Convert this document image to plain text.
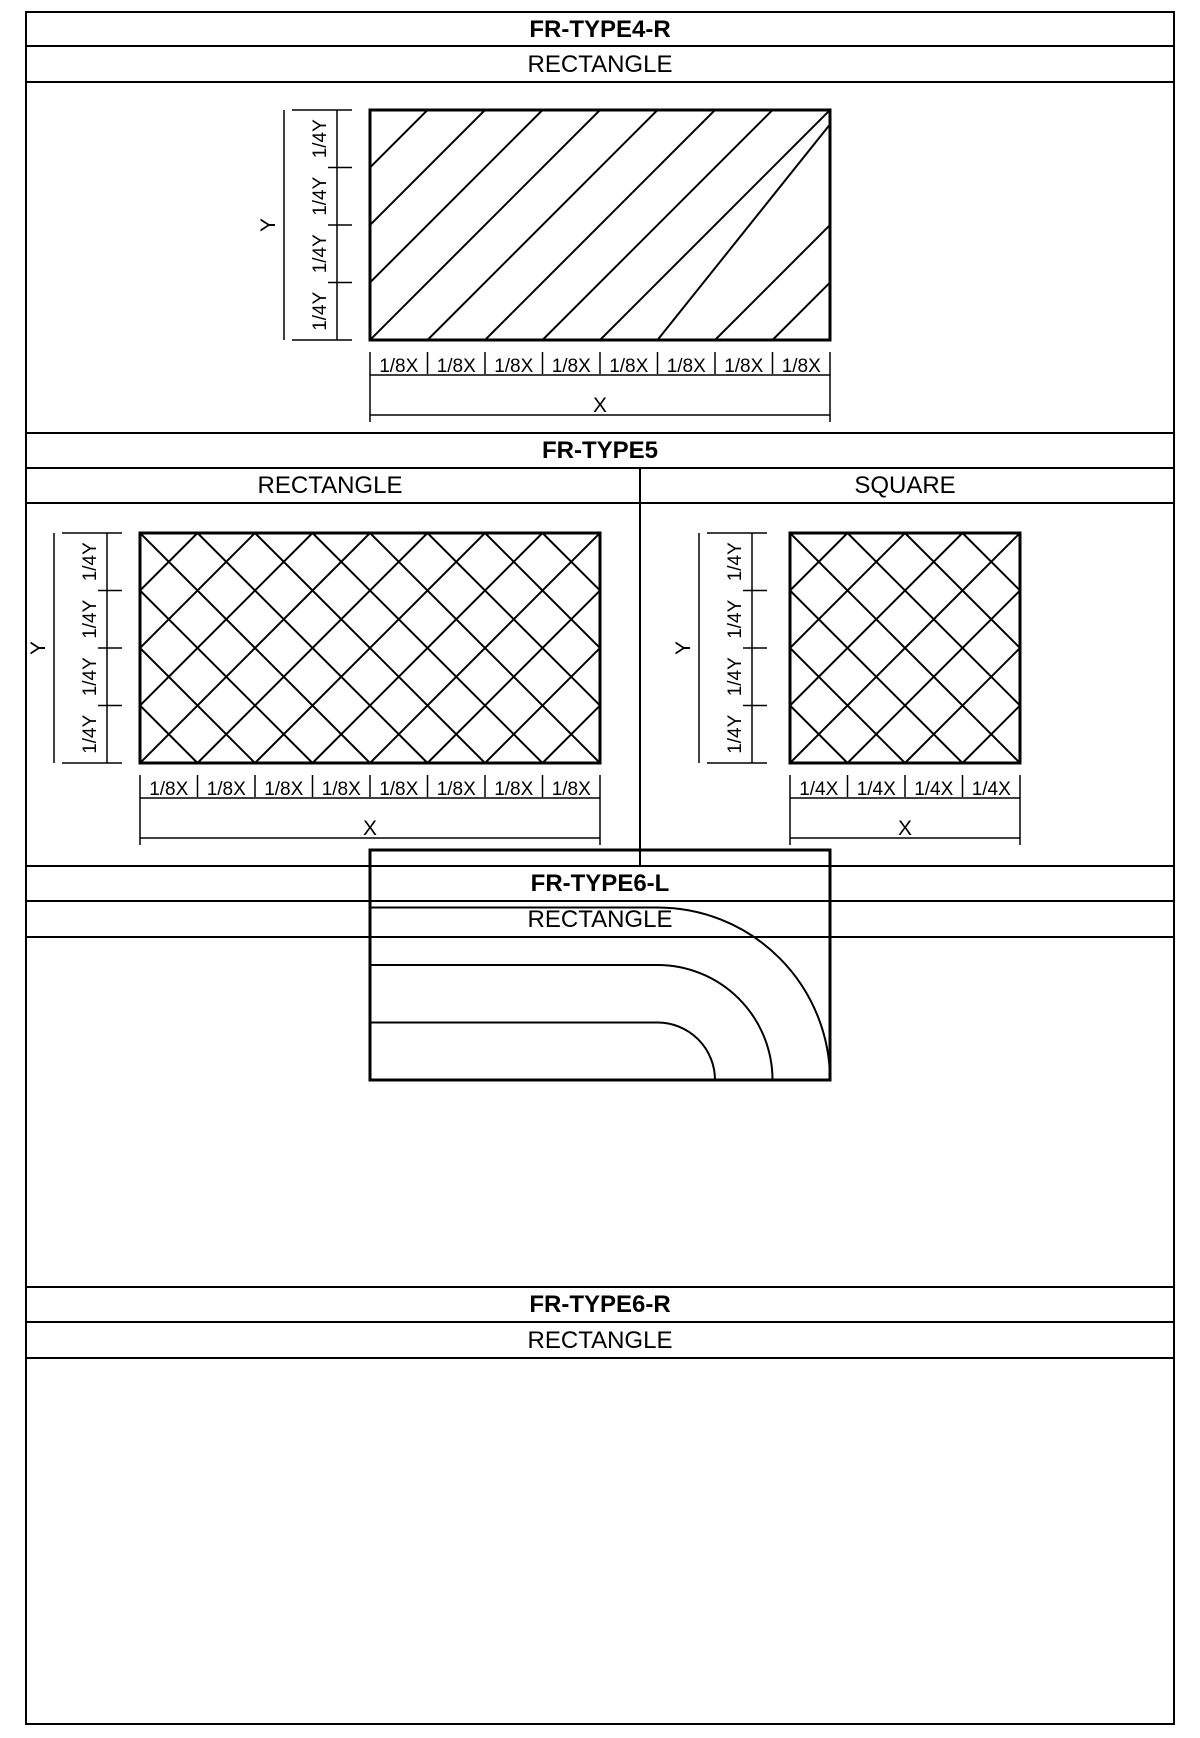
FR-TYPE4-R
RECTANGLE
FR-TYPE5
RECTANGLE	SQUARE
FR-TYPE6-L
RECTANGLE
FR-TYPE6-R
RECTANGLE
1/4Y
1/4Y
1/4Y
1/4Y
Y
1/8X 1/8X 1/8X 1/8X 1/8X 1/8X 1/8X 1/8X
X
1/4Y
1/4Y
1/4Y
1/4Y
Y
1/8X 1/8X 1/8X 1/8X 1/8X 1/8X 1/8X 1/8X
X
1/4Y
1/4Y
1/4Y
1/4Y
Y
1/4X 1/4X 1/4X 1/4X
X
